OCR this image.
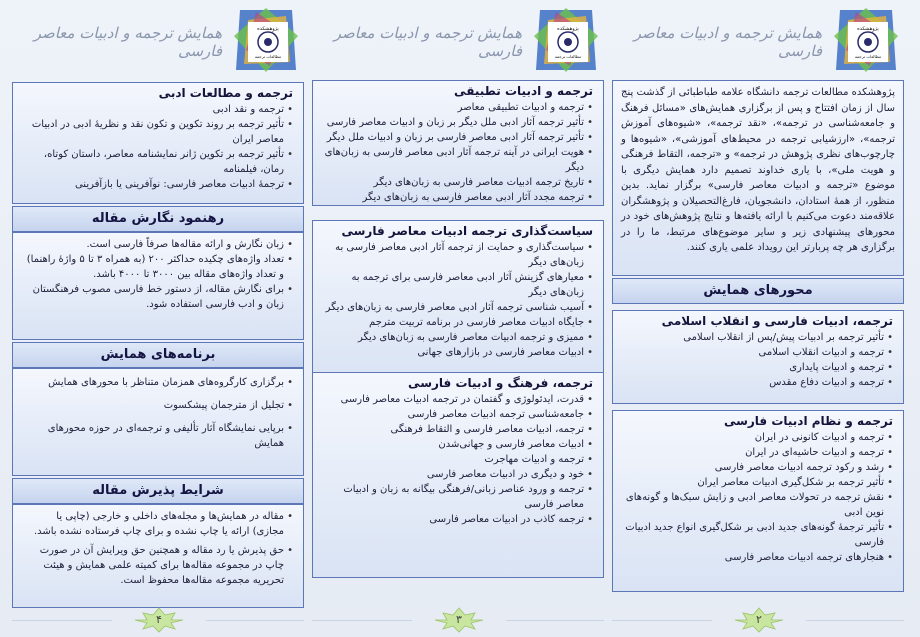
همایش ترجمه و ادبیات معاصر فارسی
پژوهشکده
مطالعات ترجمه
ترجمه و مطالعات ادبی
• ترجمه و نقد ادبی
• تأثیر ترجمه بر روند تکوین و تکون نقد و نظریهٔ ادبی در ادبیات معاصر ایران
• تأثیر ترجمه بر تکوین ژانر نمایشنامه معاصر، داستان کوتاه، رمان، فیلمنامه
• ترجمهٔ ادبیات معاصر فارسی: نوآفرینی یا بازآفرینی
رهنمود نگارش مقاله
• زبان نگارش و ارائه مقاله‌ها صرفاً فارسی است.
• تعداد واژه‌های چکیده حداکثر ۲۰۰ (به همراه ۳ تا ۵ واژهٔ راهنما) و تعداد واژه‌های مقاله بین ۳۰۰۰ تا ۴۰۰۰ باشد.
• برای نگارش مقاله، از دستور خط فارسی مصوب فرهنگستان زبان و ادب فارسی استفاده شود.
برنامه‌های همایش
• برگزاری کارگروه‌های همزمان متناظر با محورهای همایش
• تجلیل از مترجمان پیشکسوت
• برپایی نمایشگاه آثار تألیفی و ترجمه‌ای در حوزه محورهای همایش
شرایط پذیرش مقاله
• مقاله در همایش‌ها و مجله‌های داخلی و خارجی (چاپی یا مجازی) ارائه یا چاپ نشده و برای چاپ فرستاده نشده باشد.
• حق پذیرش یا رد مقاله و همچنین حق ویرایش آن در صورت چاپ در مجموعه مقاله‌ها برای کمیته علمی همایش و هیئت تحریریه مجموعه مقاله‌ها محفوظ است.
۴
همایش ترجمه و ادبیات معاصر فارسی
پژوهشکده
مطالعات ترجمه
ترجمه و ادبیات تطبیقی
• ترجمه و ادبیات تطبیقی معاصر
• تأثیر ترجمه آثار ادبی ملل دیگر بر زبان و ادبیات معاصر فارسی
• تأثیر ترجمه آثار ادبی معاصر فارسی بر زبان و ادبیات ملل دیگر
• هویت ایرانی در آینه ترجمه آثار ادبی معاصر فارسی به زبان‌های دیگر
• تاریخ ترجمه ادبیات معاصر فارسی به زبان‌های دیگر
• ترجمه مجدد آثار ادبی معاصر فارسی به زبان‌های دیگر
سیاست‌گذاری ترجمه ادبیات معاصر فارسی
• سیاست‌گذاری و حمایت از ترجمه آثار ادبی معاصر فارسی به زبان‌های دیگر
• معیارهای گزینش آثار ادبی معاصر فارسی برای ترجمه به زبان‌های دیگر
• آسیب شناسی ترجمه آثار ادبی معاصر فارسی به زبان‌های دیگر
• جایگاه ادبیات معاصر فارسی در برنامه تربیت مترجم
• ممیزی و ترجمه ادبیات معاصر فارسی به زبان‌های دیگر
• ادبیات معاصر فارسی در بازارهای جهانی
ترجمه، فرهنگ و ادبیات فارسی
• قدرت، ایدئولوژی و گفتمان در ترجمه ادبیات معاصر فارسی
• جامعه‌شناسی ترجمه ادبیات معاصر فارسی
• ترجمه، ادبیات معاصر فارسی و التقاط فرهنگی
• ادبیات معاصر فارسی و جهانی‌شدن
• ترجمه و ادبیات مهاجرت
• خود و دیگری در ادبیات معاصر فارسی
• ترجمه و ورود عناصر زبانی/فرهنگی بیگانه به زبان و ادبیات معاصر فارسی
• ترجمه کاذب در ادبیات معاصر فارسی
۳
همایش ترجمه و ادبیات معاصر فارسی
پژوهشکده
مطالعات ترجمه
پژوهشکده مطالعات ترجمه دانشگاه علامه طباطبائی از گذشت پنج سال از زمان افتتاح و پس از برگزاری همایش‌های «مسائل فرهنگ و جامعه‌شناسی در ترجمه»، «نقد ترجمه»، «شیوه‌های آموزش ترجمه»، «ارزشیابی ترجمه در محیط‌های آموزشی»، «شیوه‌ها و چارچوب‌های نظری پژوهش در ترجمه» و «ترجمه، التقاط فرهنگی و هویت ملی»، با یاری خداوند تصمیم دارد همایش دیگری با موضوع «ترجمه و ادبیات معاصر فارسی» برگزار نماید. بدین منظور، از همهٔ استادان، دانشجویان، فارغ‌التحصیلان و پژوهشگران علاقه‌مند دعوت می‌کنیم با ارائه یافته‌ها و نتایج پژوهش‌های خود در محورهای پیشنهادی زیر و سایر موضوع‌های مرتبط، ما را در برگزاری هر چه پربارتر این رویداد علمی یاری کنند.
محورهای همایش
ترجمه، ادبیات فارسی و انقلاب اسلامی
• تأثیر ترجمه بر ادبیات پیش/پس از انقلاب اسلامی
• ترجمه و ادبیات انقلاب اسلامی
• ترجمه و ادبیات پایداری
• ترجمه و ادبیات دفاع مقدس
ترجمه و نظام ادبیات فارسی
• ترجمه و ادبیات کانونی در ایران
• ترجمه و ادبیات حاشیه‌ای در ایران
• رشد و رکود ترجمه ادبیات معاصر فارسی
• تأثیر ترجمه بر شکل‌گیری ادبیات معاصر ایران
• نقش ترجمه در تحولات معاصر ادبی و زایش سبک‌ها و گونه‌های نوین ادبی
• تأثیر ترجمهٔ گونه‌های جدید ادبی بر شکل‌گیری انواع جدید ادبیات فارسی
• هنجارهای ترجمه ادبیات معاصر فارسی
۲
